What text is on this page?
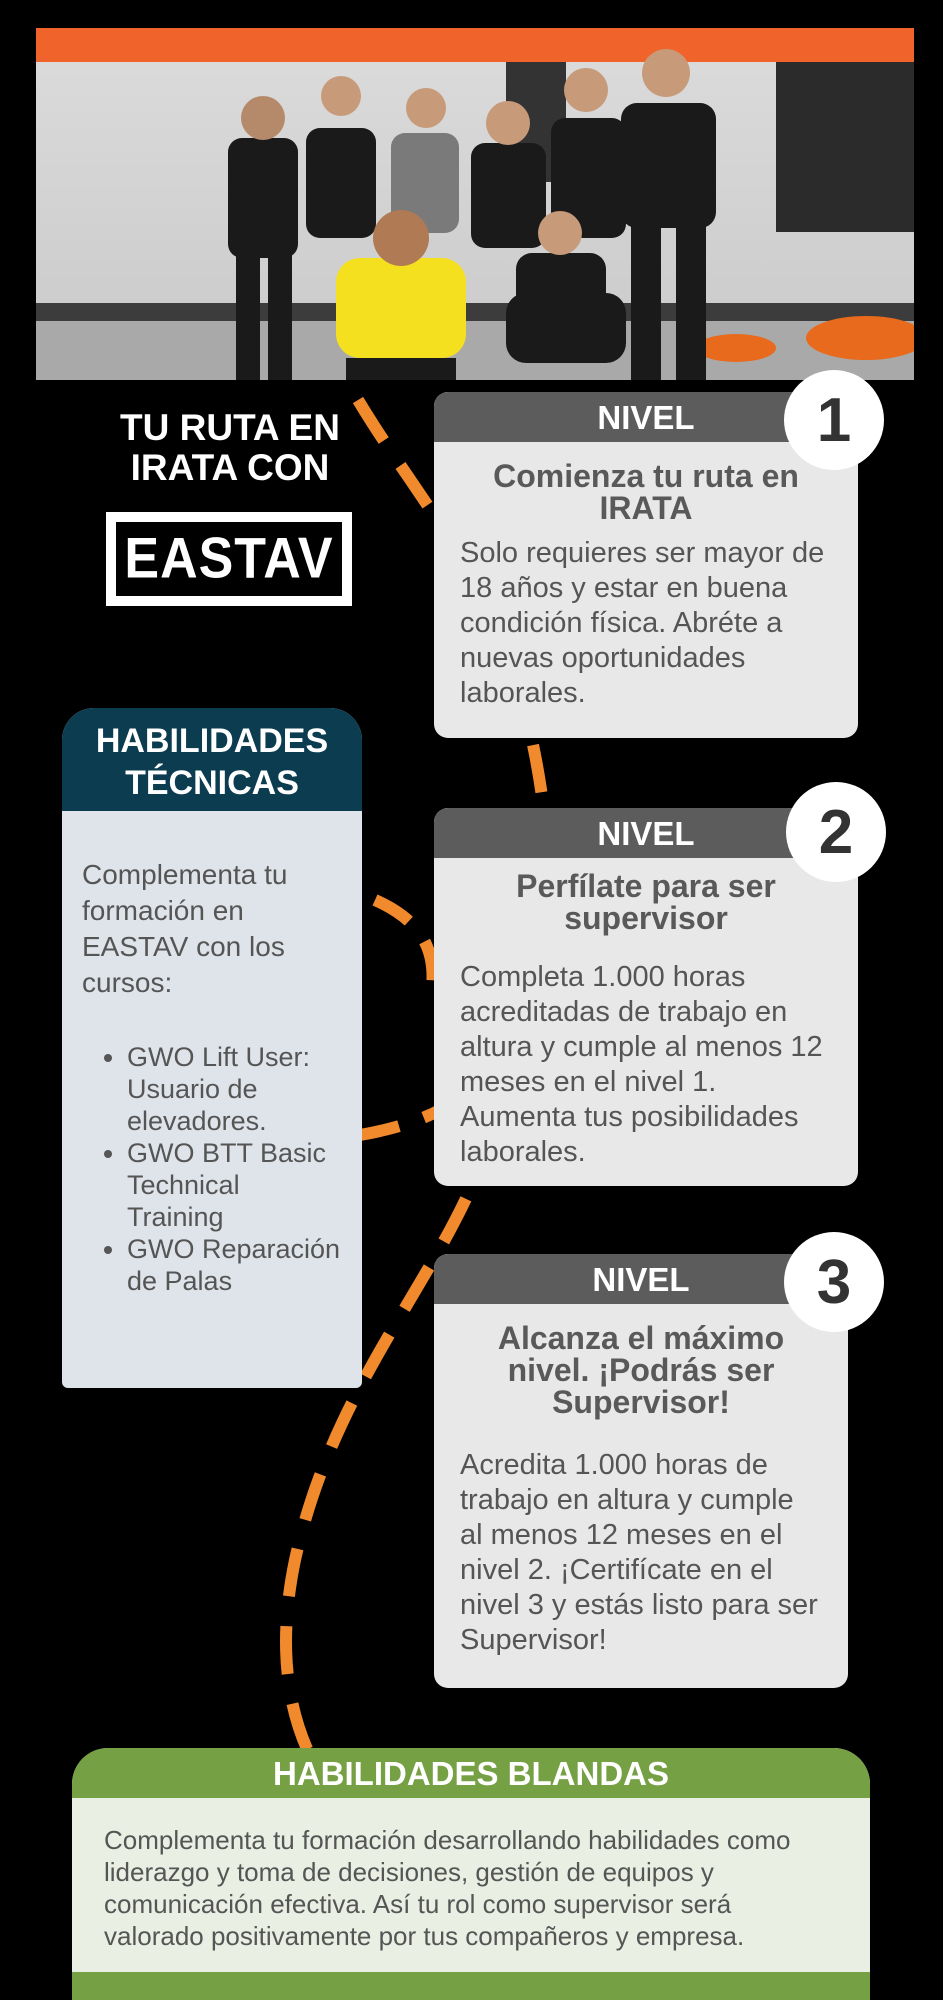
TU RUTA EN IRATA CON
EASTAV
NIVEL
Comienza tu ruta en IRATA
Solo requieres ser mayor de 18 años y estar en buena condición física. Abréte a nuevas oportunidades laborales.
1
NIVEL
Perfílate para ser supervisor
Completa 1.000 horas acreditadas de trabajo en altura y cumple al menos 12 meses en el nivel 1. Aumenta tus posibilidades laborales.
2
NIVEL
Alcanza el máximo nivel. ¡Podrás ser Supervisor!
Acredita 1.000 horas de trabajo en altura y cumple al menos 12 meses en el nivel 2. ¡Certifícate en el nivel 3 y estás listo para ser Supervisor!
3
HABILIDADES TÉCNICAS
Complementa tu formación en EASTAV con los cursos:
• GWO Lift User: Usuario de elevadores.
• GWO BTT Basic Technical Training
• GWO Reparación de Palas
HABILIDADES BLANDAS
Complementa tu formación desarrollando habilidades como liderazgo y toma de decisiones, gestión de equipos y comunicación efectiva. Así tu rol como supervisor será valorado positivamente por tus compañeros y empresa.
